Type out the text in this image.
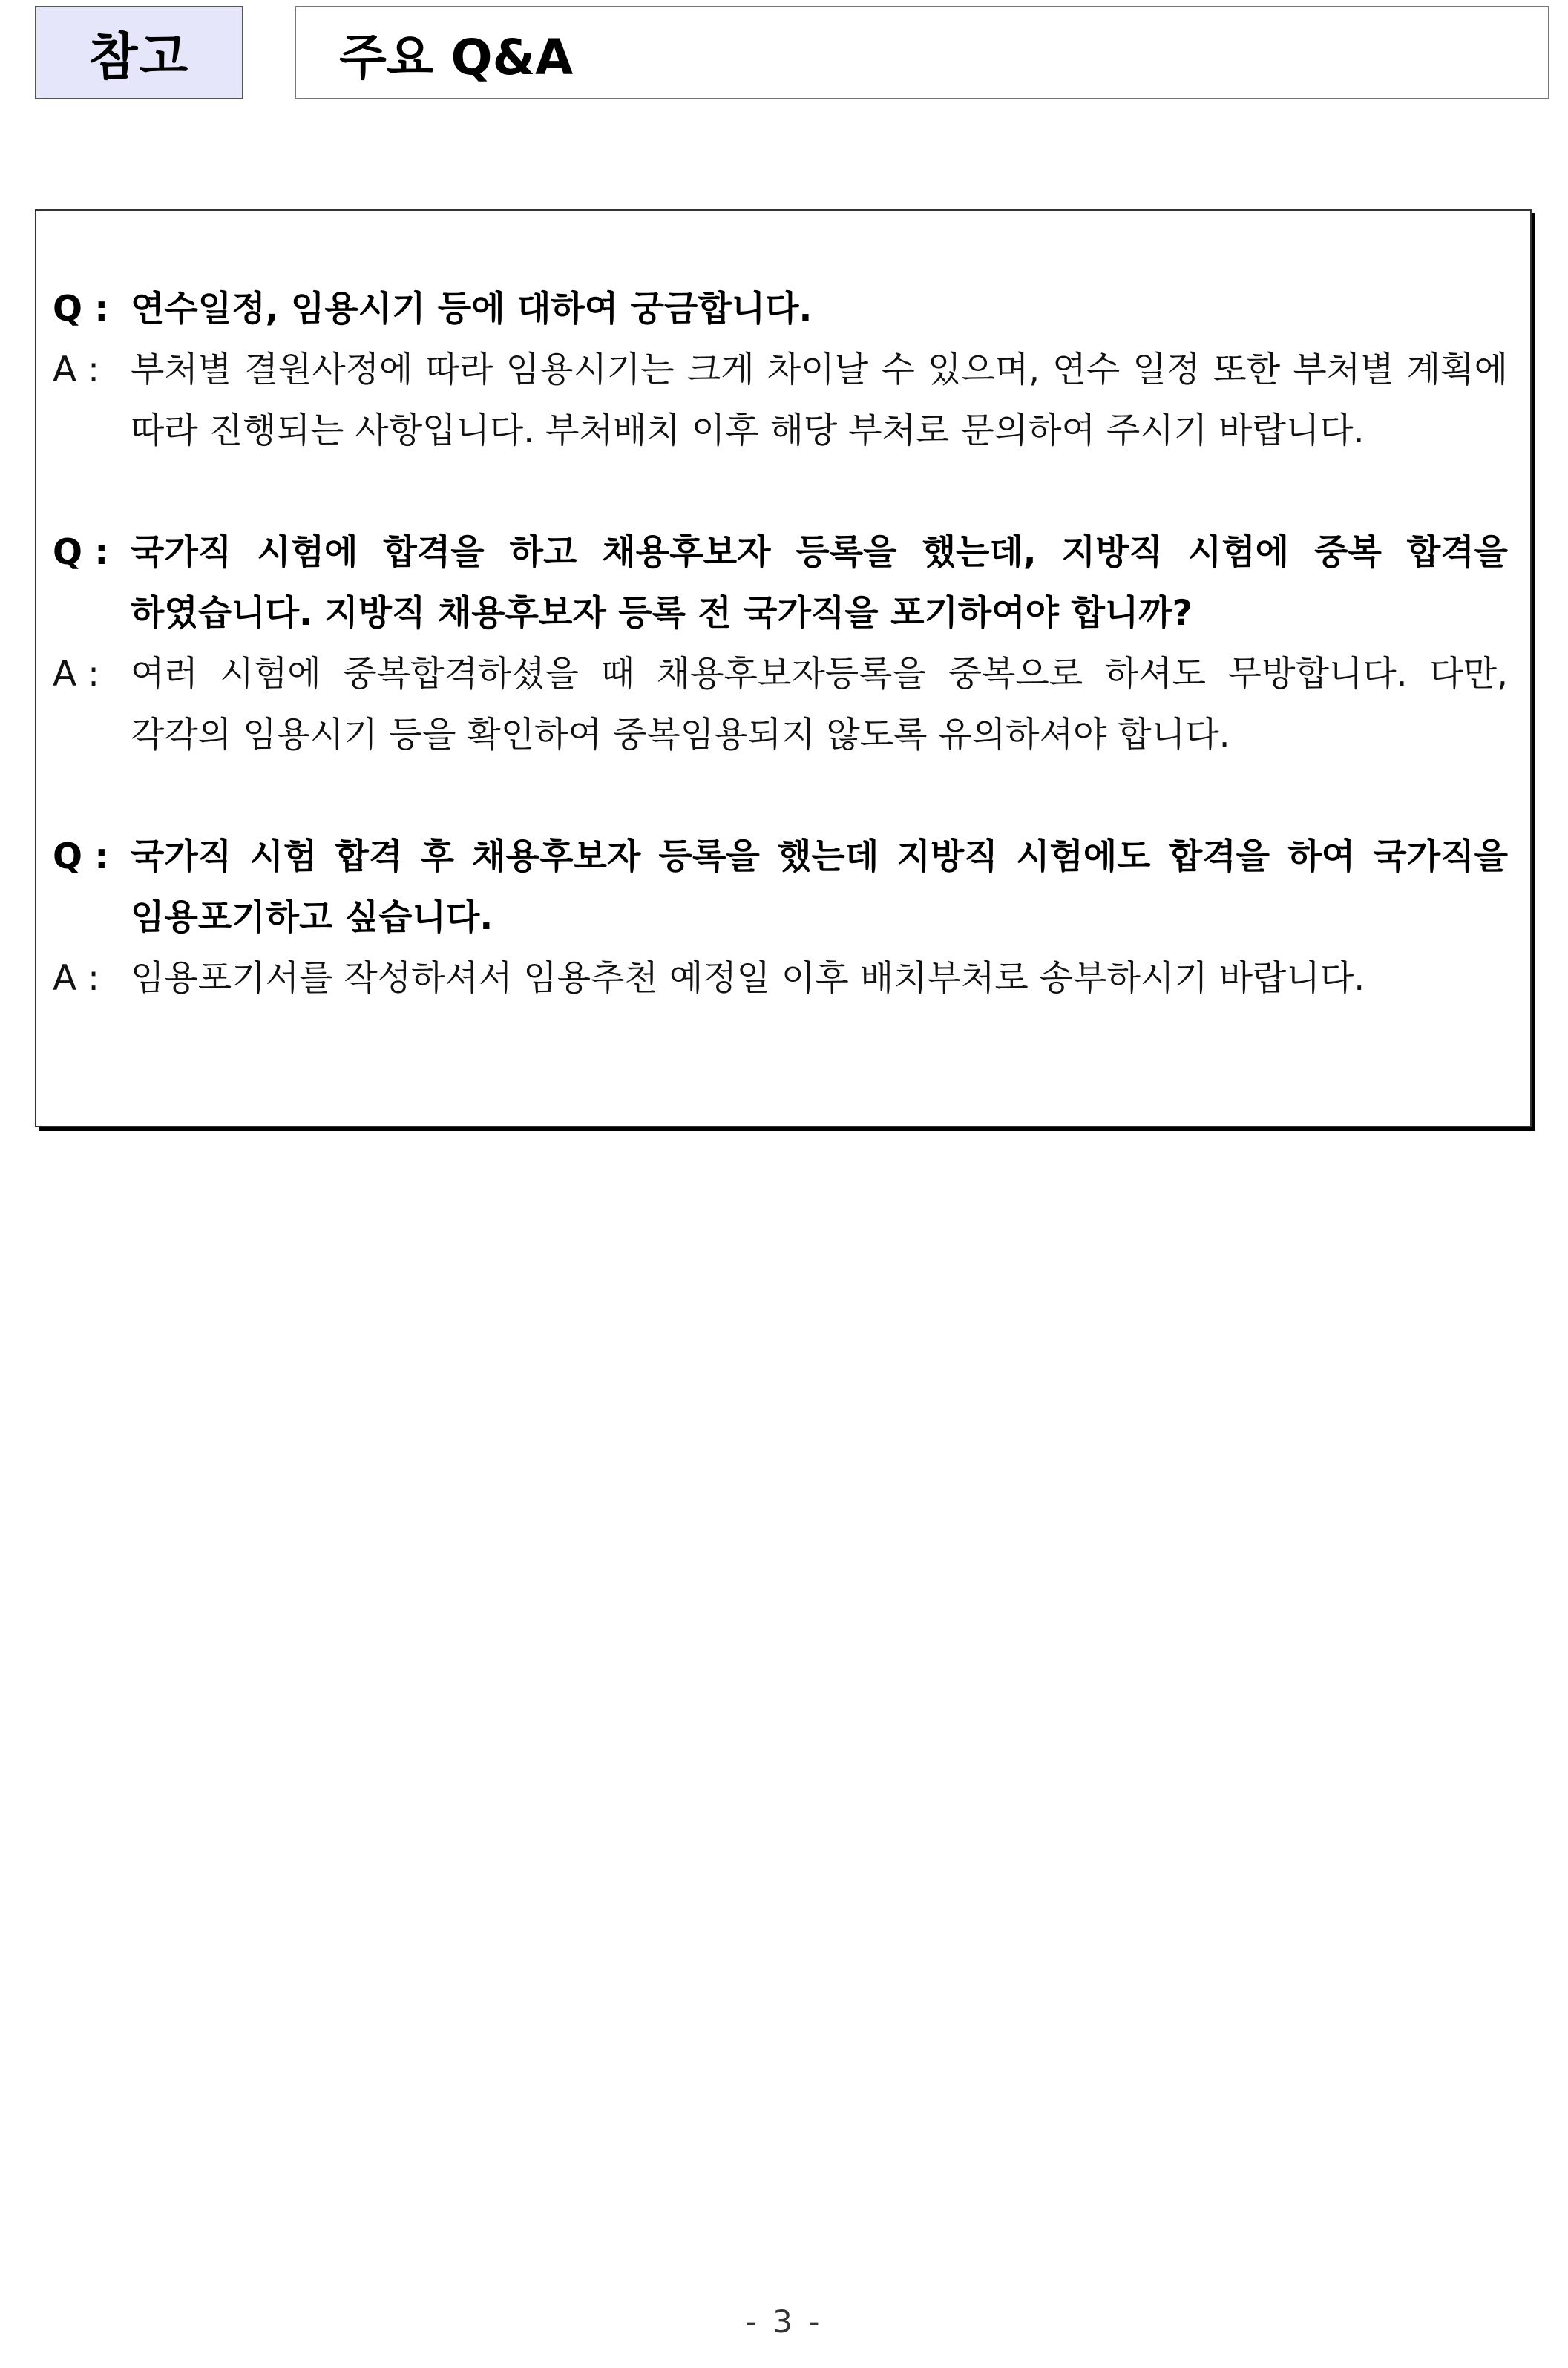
참고	주요 Q&A
Q : 연수일정, 임용시기 등에 대하여 궁금합니다.
A : 부처별 결원사정에 따라 임용시기는 크게 차이날 수 있으며, 연수 일정 또한 부처별 계획에 따라 진행되는 사항입니다. 부처배치 이후 해당 부처로 문의하여 주시기 바랍니다.
Q : 국가직 시험에 합격을 하고 채용후보자 등록을 했는데, 지방직 시험에 중복 합격을 하였습니다. 지방직 채용후보자 등록 전 국가직을 포기하여야 합니까?
A : 여러 시험에 중복합격하셨을 때 채용후보자등록을 중복으로 하셔도 무방합니다. 다만, 각각의 임용시기 등을 확인하여 중복임용되지 않도록 유의하셔야 합니다.
Q : 국가직 시험 합격 후 채용후보자 등록을 했는데 지방직 시험에도 합격을 하여 국가직을 임용포기하고 싶습니다.
A : 임용포기서를 작성하셔서 임용추천 예정일 이후 배치부처로 송부하시기 바랍니다.
- 3 -
